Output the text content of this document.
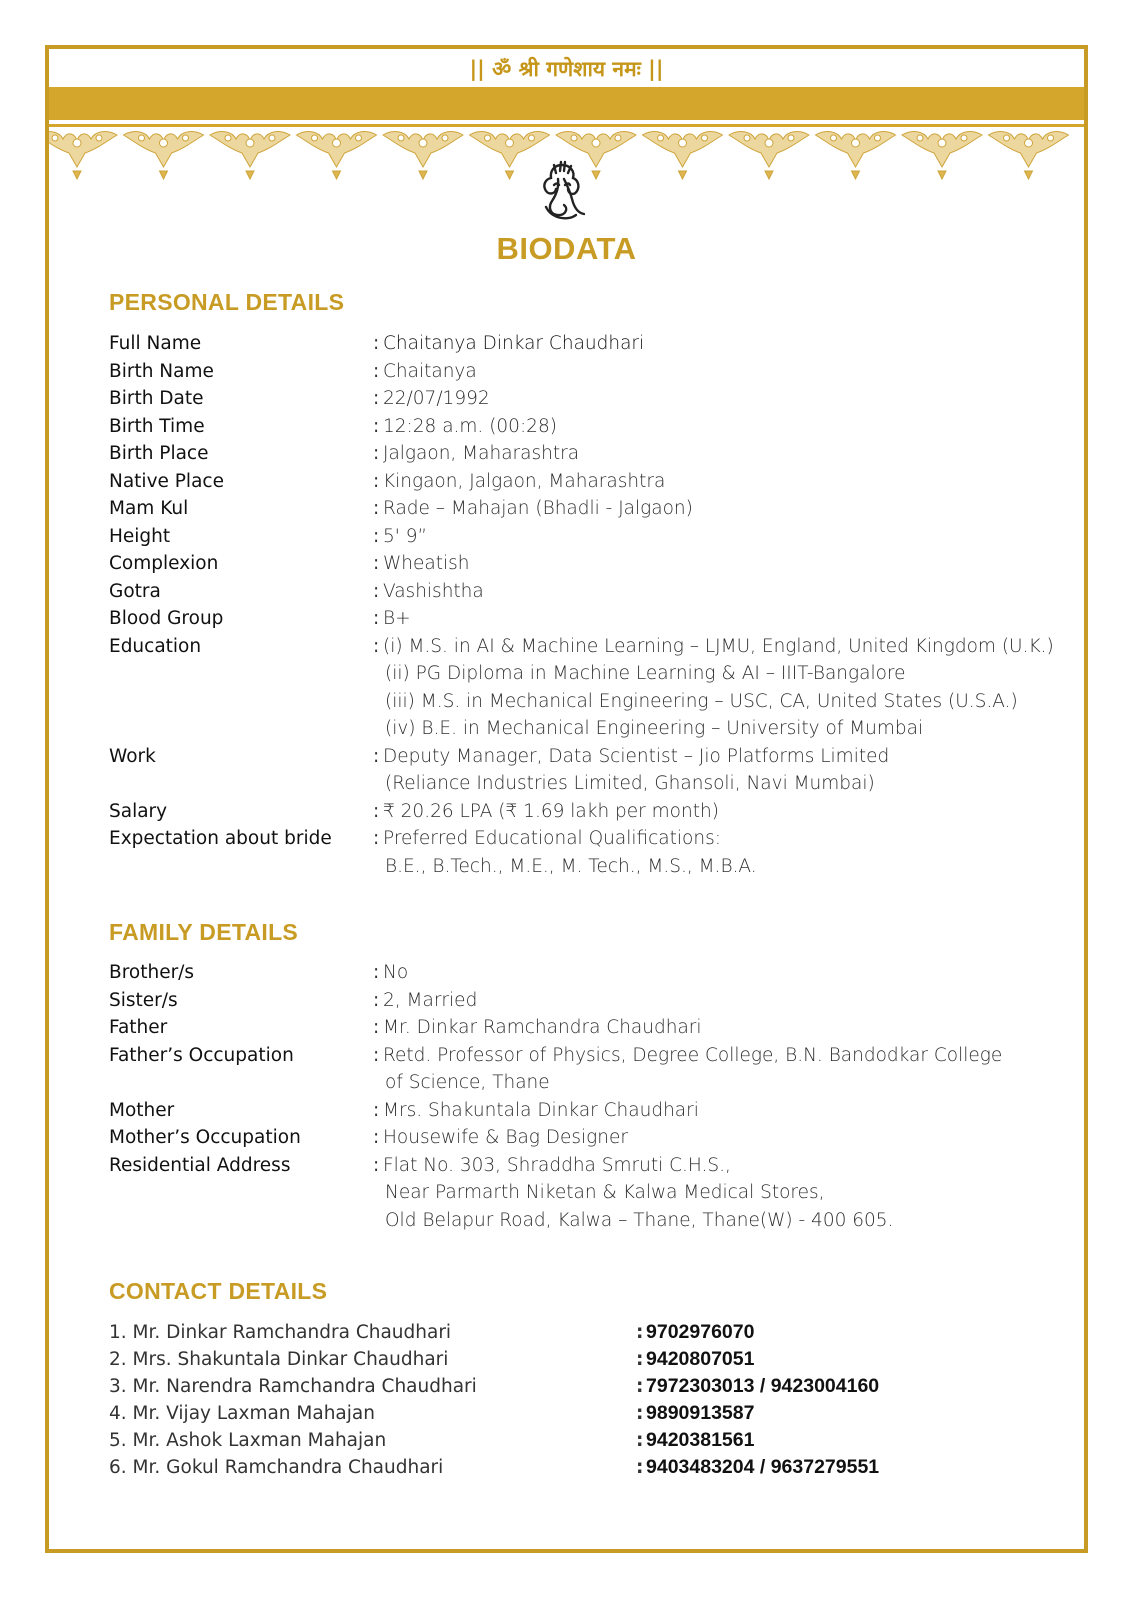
|| ॐ श्री गणेशाय नमः ||
BIODATA
PERSONAL DETAILS
Full Name	: Chaitanya Dinkar Chaudhari
Birth Name	: Chaitanya
Birth Date	: 22/07/1992
Birth Time	: 12:28 a.m. (00:28)
Birth Place	: Jalgaon, Maharashtra
Native Place	: Kingaon, Jalgaon, Maharashtra
Mam Kul	: Rade – Mahajan (Bhadli - Jalgaon)
Height	: 5' 9”
Complexion	: Wheatish
Gotra	: Vashishtha
Blood Group	: B+
Education	: (i) M.S. in AI & Machine Learning – LJMU, England, United Kingdom (U.K.)
(ii) PG Diploma in Machine Learning & AI – IIIT-Bangalore
(iii) M.S. in Mechanical Engineering – USC, CA, United States (U.S.A.)
(iv) B.E. in Mechanical Engineering – University of Mumbai
Work	: Deputy Manager, Data Scientist – Jio Platforms Limited
(Reliance Industries Limited, Ghansoli, Navi Mumbai)
Salary	: ₹ 20.26 LPA (₹ 1.69 lakh per month)
Expectation about bride	: Preferred Educational Qualifications:
B.E., B.Tech., M.E., M. Tech., M.S., M.B.A.
FAMILY DETAILS
Brother/s	: No
Sister/s	: 2, Married
Father	: Mr. Dinkar Ramchandra Chaudhari
Father’s Occupation	: Retd. Professor of Physics, Degree College, B.N. Bandodkar College
of Science, Thane
Mother	: Mrs. Shakuntala Dinkar Chaudhari
Mother’s Occupation	: Housewife & Bag Designer
Residential Address	: Flat No. 303, Shraddha Smruti C.H.S.,
Near Parmarth Niketan & Kalwa Medical Stores,
Old Belapur Road, Kalwa – Thane, Thane(W) - 400 605.
CONTACT DETAILS
1. Mr. Dinkar Ramchandra Chaudhari	: 9702976070
2. Mrs. Shakuntala Dinkar Chaudhari	: 9420807051
3. Mr. Narendra Ramchandra Chaudhari	: 7972303013 / 9423004160
4. Mr. Vijay Laxman Mahajan	: 9890913587
5. Mr. Ashok Laxman Mahajan	: 9420381561
6. Mr. Gokul Ramchandra Chaudhari	: 9403483204 / 9637279551
